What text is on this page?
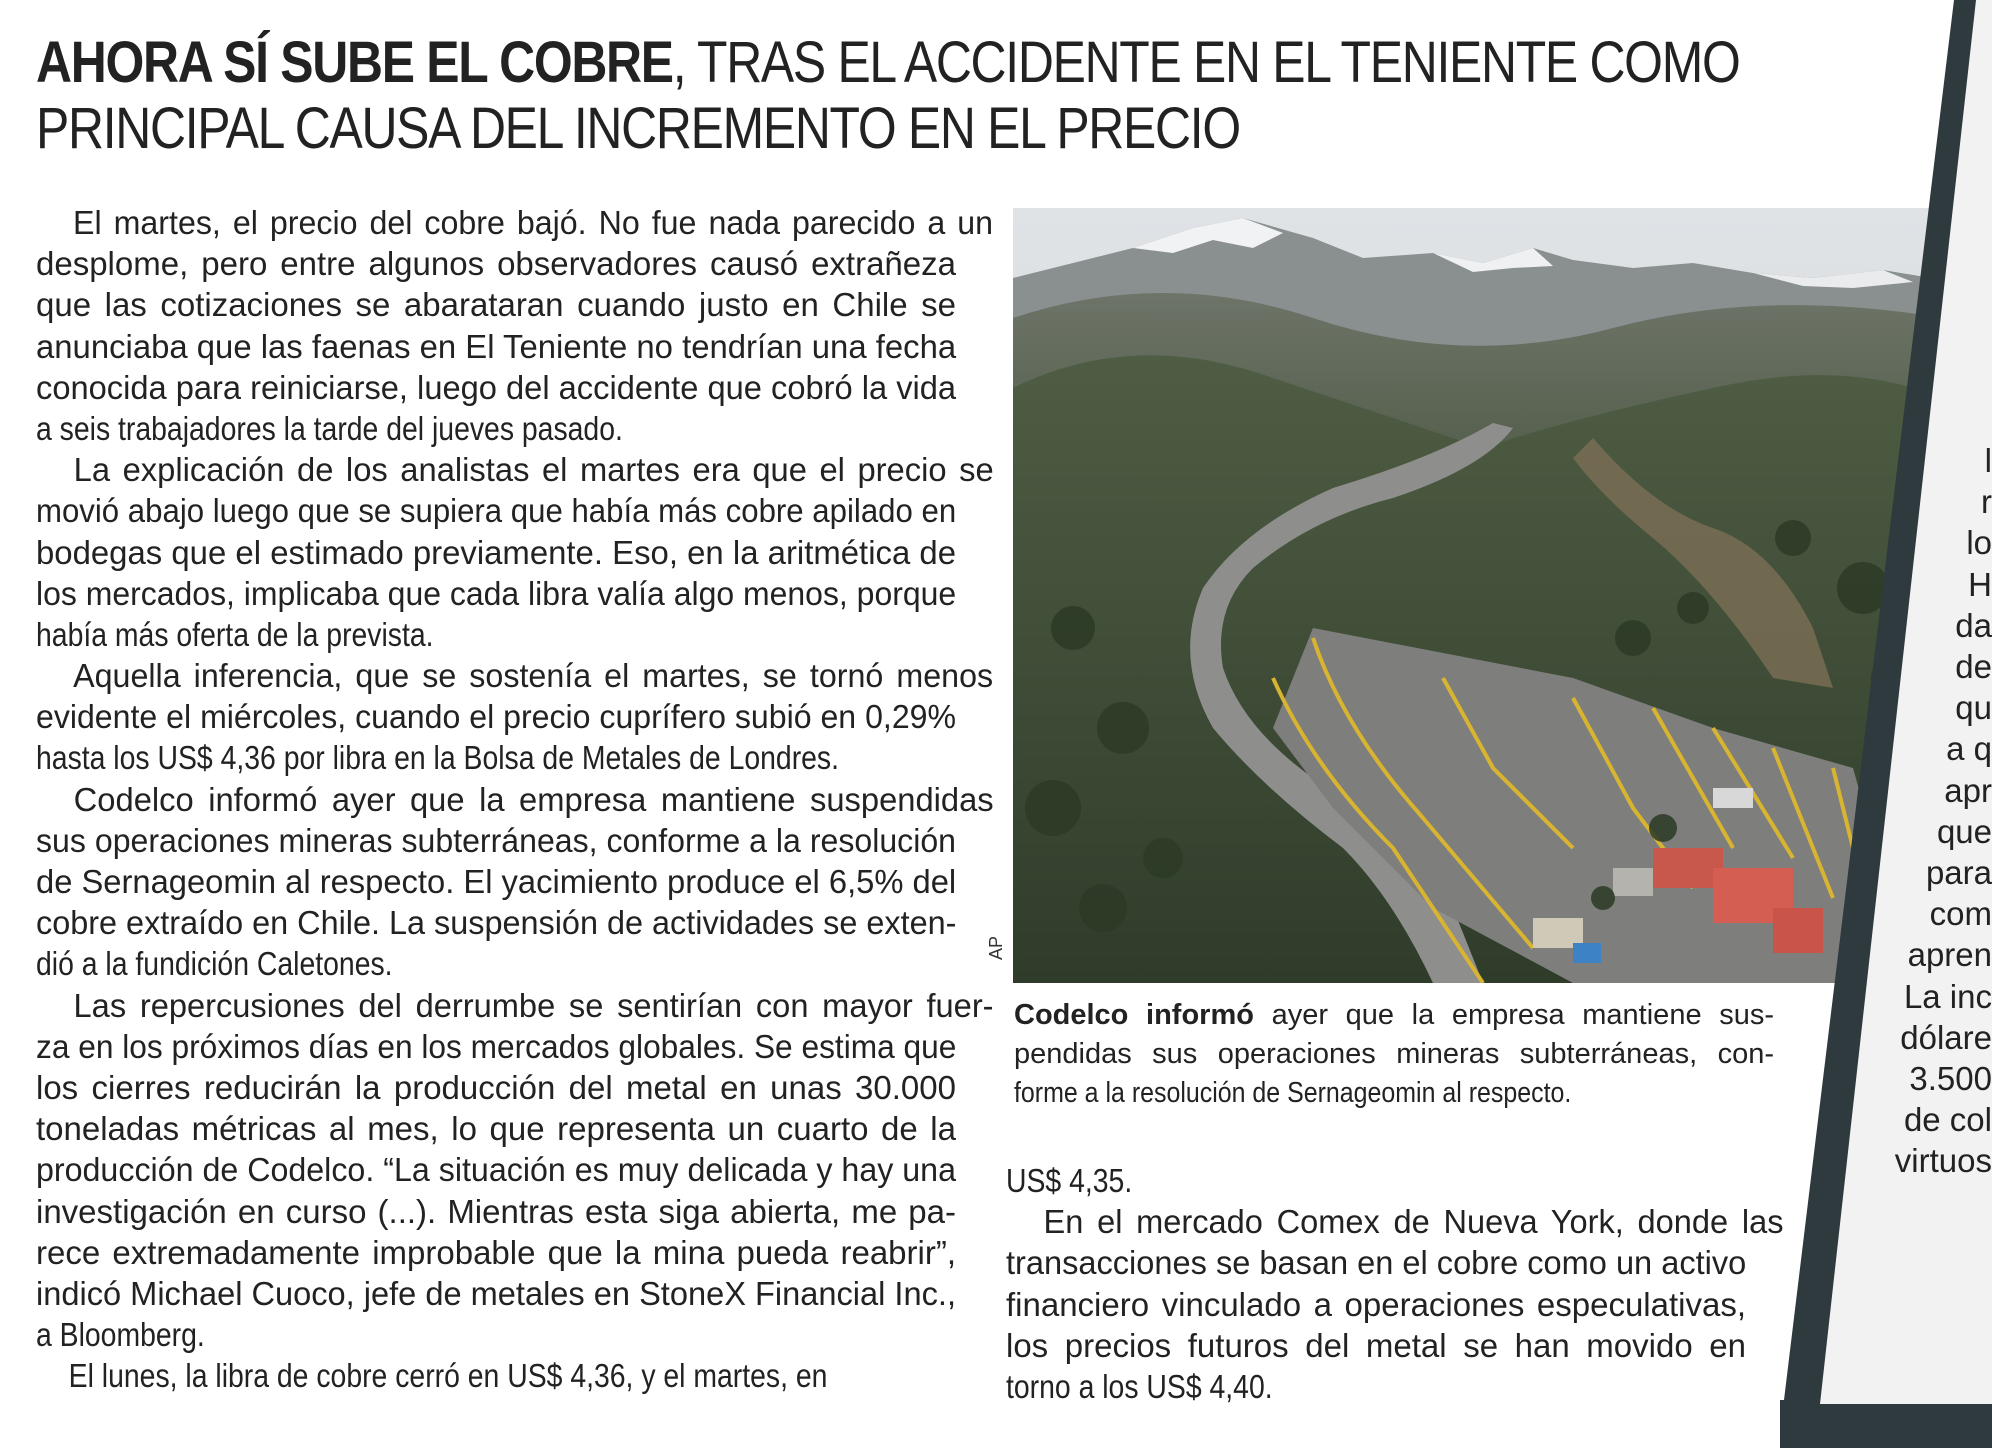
AHORA SÍ SUBE EL COBRE, TRAS EL ACCIDENTE EN EL TENIENTE COMO
PRINCIPAL CAUSA DEL INCREMENTO EN EL PRECIO
El martes, el precio del cobre bajó. No fue nada parecido a un
desplome, pero entre algunos observadores causó extrañeza
que las cotizaciones se abarataran cuando justo en Chile se
anunciaba que las faenas en El Teniente no tendrían una fecha
conocida para reiniciarse, luego del accidente que cobró la vida
a seis trabajadores la tarde del jueves pasado.
La explicación de los analistas el martes era que el precio se
movió abajo luego que se supiera que había más cobre apilado en
bodegas que el estimado previamente. Eso, en la aritmética de
los mercados, implicaba que cada libra valía algo menos, porque
había más oferta de la prevista.
Aquella inferencia, que se sostenía el martes, se tornó menos
evidente el miércoles, cuando el precio cuprífero subió en 0,29%
hasta los US$ 4,36 por libra en la Bolsa de Metales de Londres.
Codelco informó ayer que la empresa mantiene suspendidas
sus operaciones mineras subterráneas, conforme a la resolución
de Sernageomin al respecto. El yacimiento produce el 6,5% del
cobre extraído en Chile. La suspensión de actividades se exten-
dió a la fundición Caletones.
Las repercusiones del derrumbe se sentirían con mayor fuer-
za en los próximos días en los mercados globales. Se estima que
los cierres reducirán la producción del metal en unas 30.000
toneladas métricas al mes, lo que representa un cuarto de la
producción de Codelco. “La situación es muy delicada y hay una
investigación en curso (...). Mientras esta siga abierta, me pa-
rece extremadamente improbable que la mina pueda reabrir”,
indicó Michael Cuoco, jefe de metales en StoneX Financial Inc.,
a Bloomberg.
El lunes, la libra de cobre cerró en US$ 4,36, y el martes, en
AP
Codelco informó ayer que la empresa mantiene sus-
pendidas sus operaciones mineras subterráneas, con-
forme a la resolución de Sernageomin al respecto.
US$ 4,35.
En el mercado Comex de Nueva York, donde las
transacciones se basan en el cobre como un activo
financiero vinculado a operaciones especulativas,
los precios futuros del metal se han movido en
torno a los US$ 4,40.
l
r
lo
H
da
de
qu
a q
apr
que
para
com
apren
La inc
dólare
3.500
de col
virtuos
